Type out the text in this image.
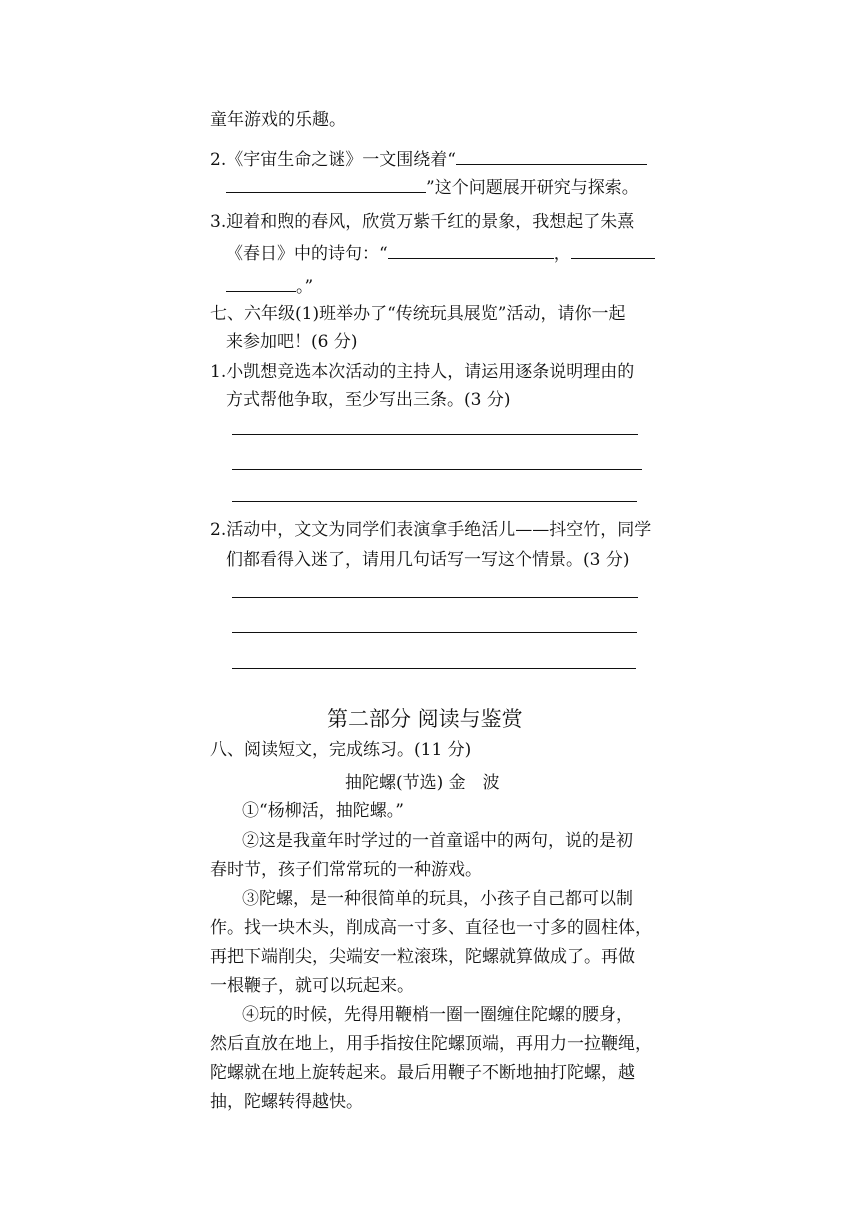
童年游戏的乐趣。
2.《宇宙生命之谜》一文围绕着“
”这个问题展开研究与探索。
3.迎着和煦的春风，欣赏万紫千红的景象，我想起了朱熹
《春日》中的诗句：“	，
。”
七、六年级(1)班举办了“传统玩具展览”活动，请你一起
来参加吧！(6 分)
1.小凯想竞选本次活动的主持人，请运用逐条说明理由的
方式帮他争取，至少写出三条。(3 分)
2.活动中，文文为同学们表演拿手绝活儿——抖空竹，同学
们都看得入迷了，请用几句话写一写这个情景。(3 分)
第二部分 阅读与鉴赏
八、阅读短文，完成练习。(11 分)
抽陀螺(节选) 金　波
①“杨柳活，抽陀螺。”
②这是我童年时学过的一首童谣中的两句，说的是初
春时节，孩子们常常玩的一种游戏。
③陀螺，是一种很简单的玩具，小孩子自己都可以制
作。找一块木头，削成高一寸多、直径也一寸多的圆柱体，
再把下端削尖，尖端安一粒滚珠，陀螺就算做成了。再做
一根鞭子，就可以玩起来。
④玩的时候，先得用鞭梢一圈一圈缠住陀螺的腰身，
然后直放在地上，用手指按住陀螺顶端，再用力一拉鞭绳，
陀螺就在地上旋转起来。最后用鞭子不断地抽打陀螺，越
抽，陀螺转得越快。
